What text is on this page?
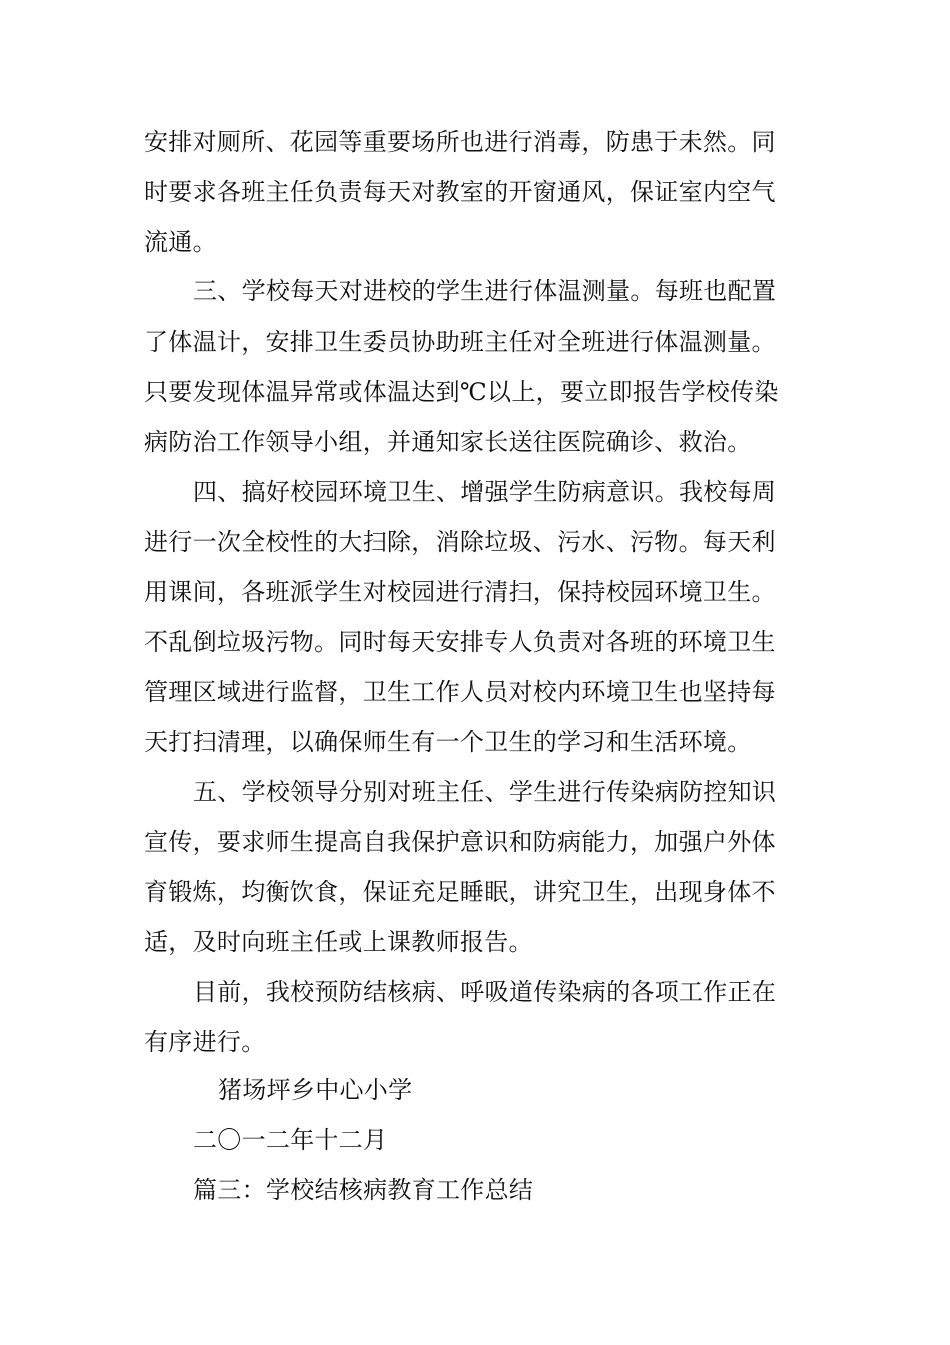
安排对厕所、花园等重要场所也进行消毒，防患于未然。同
时要求各班主任负责每天对教室的开窗通风，保证室内空气
流通。
三、学校每天对进校的学生进行体温测量。每班也配置
了体温计，安排卫生委员协助班主任对全班进行体温测量。
只要发现体温异常或体温达到℃以上，要立即报告学校传染
病防治工作领导小组，并通知家长送往医院确诊、救治。
四、搞好校园环境卫生、增强学生防病意识。我校每周
进行一次全校性的大扫除，消除垃圾、污水、污物。每天利
用课间，各班派学生对校园进行清扫，保持校园环境卫生。
不乱倒垃圾污物。同时每天安排专人负责对各班的环境卫生
管理区域进行监督，卫生工作人员对校内环境卫生也坚持每
天打扫清理，以确保师生有一个卫生的学习和生活环境。
五、学校领导分别对班主任、学生进行传染病防控知识
宣传，要求师生提高自我保护意识和防病能力，加强户外体
育锻炼，均衡饮食，保证充足睡眠，讲究卫生，出现身体不
适，及时向班主任或上课教师报告。
目前，我校预防结核病、呼吸道传染病的各项工作正在
有序进行。
猪场坪乡中心小学
二〇一二年十二月
篇三：学校结核病教育工作总结
